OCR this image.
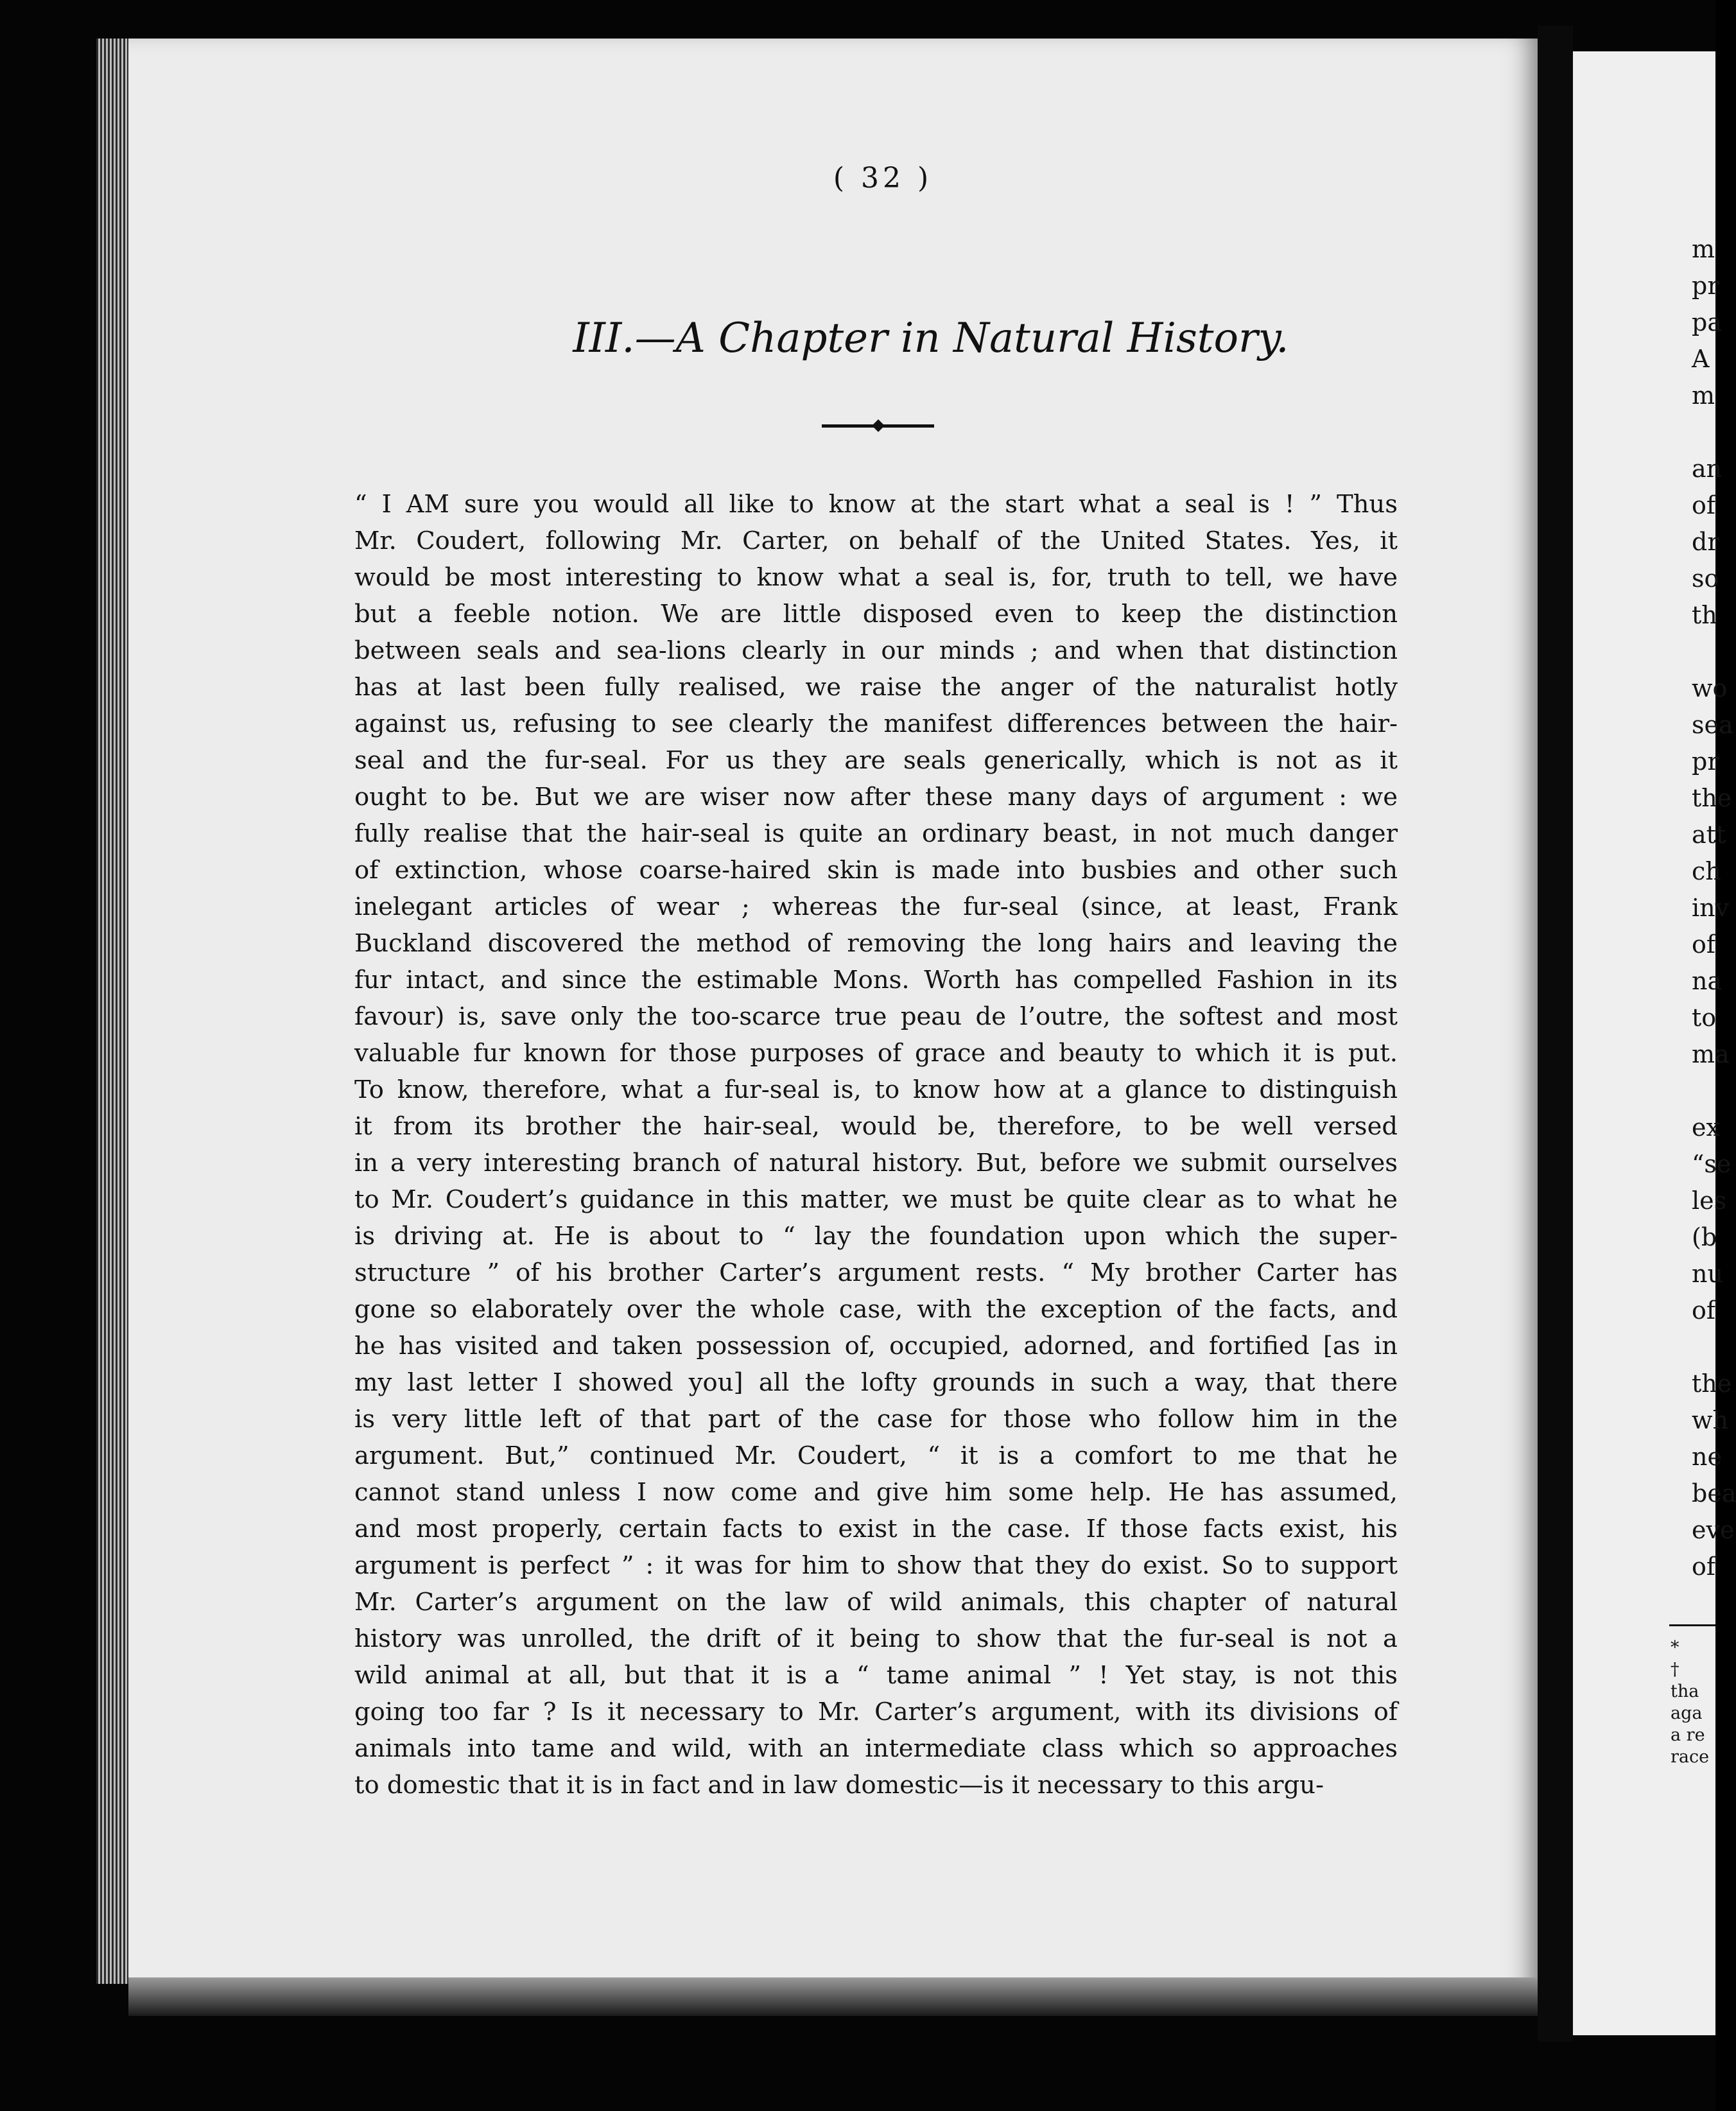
( 32 )

III.—A Chapter in Natural History.
“ I AM sure you would all like to know at the start what a seal is ! ” Thus
Mr. Coudert, following Mr. Carter, on behalf of the United States. Yes, it
would be most interesting to know what a seal is, for, truth to tell, we have
but a feeble notion. We are little disposed even to keep the distinction
between seals and sea-lions clearly in our minds ; and when that distinction
has at last been fully realised, we raise the anger of the naturalist hotly
against us, refusing to see clearly the manifest differences between the hair-
seal and the fur-seal. For us they are seals generically, which is not as it
ought to be. But we are wiser now after these many days of argument : we
fully realise that the hair-seal is quite an ordinary beast, in not much danger
of extinction, whose coarse-haired skin is made into busbies and other such
inelegant articles of wear ; whereas the fur-seal (since, at least, Frank
Buckland discovered the method of removing the long hairs and leaving the
fur intact, and since the estimable Mons. Worth has compelled Fashion in its
favour) is, save only the too-scarce true peau de l’outre, the softest and most
valuable fur known for those purposes of grace and beauty to which it is put.
To know, therefore, what a fur-seal is, to know how at a glance to distinguish
it from its brother the hair-seal, would be, therefore, to be well versed
in a very interesting branch of natural history. But, before we submit ourselves
to Mr. Coudert’s guidance in this matter, we must be quite clear as to what he
is driving at. He is about to “ lay the foundation upon which the super-
structure ” of his brother Carter’s argument rests. “ My brother Carter has
gone so elaborately over the whole case, with the exception of the facts, and
he has visited and taken possession of, occupied, adorned, and fortified [as in
my last letter I showed you] all the lofty grounds in such a way, that there
is very little left of that part of the case for those who follow him in the
argument. But,” continued Mr. Coudert, “ it is a comfort to me that he
cannot stand unless I now come and give him some help. He has assumed,
and most properly, certain facts to exist in the case. If those facts exist, his
argument is perfect ” : it was for him to show that they do exist. So to support
Mr. Carter’s argument on the law of wild animals, this chapter of natural
history was unrolled, the drift of it being to show that the fur-seal is not a
wild animal at all, but that it is a “ tame animal ” ! Yet stay, is not this
going too far ? Is it necessary to Mr. Carter’s argument, with its divisions of
animals into tame and wild, with an intermediate class which so approaches
to domestic that it is in fact and in law domestic—is it necessary to this argu-
m
pr
pa
A
m
an
of
dr
so
th
wo
sea
pr
the
att
ch
inv
of
na
to
ma
ex
“se
les
(b
nu
of

the
wh
ne
bea
eve
of
*
†
tha
aga
a re
race
